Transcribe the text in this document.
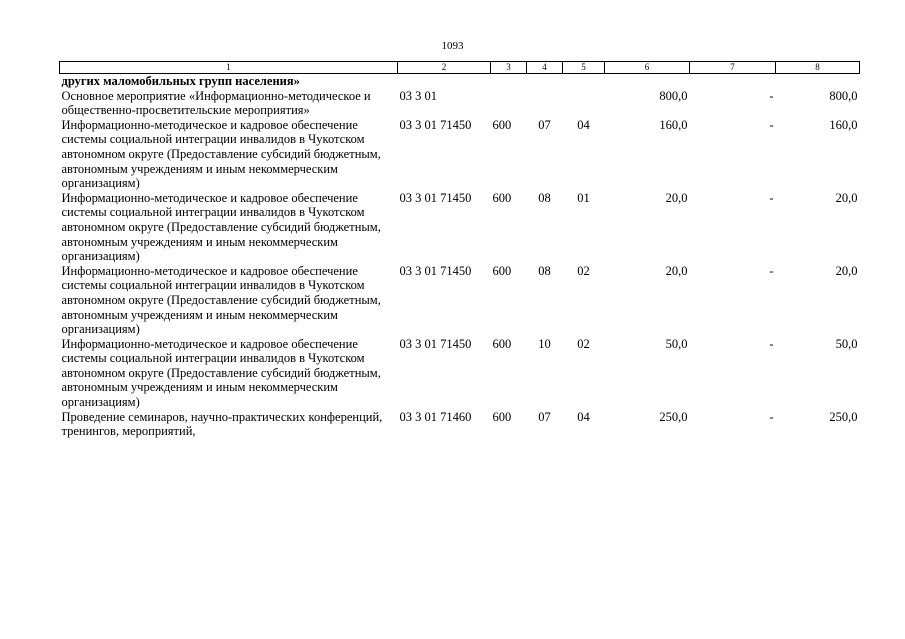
1093
1	2	3	4	5	6	7	8
других маломобильных групп населения»							
Основное мероприятие «Информационно-методическое и общественно-просветительские мероприятия»	03 3 01				800,0	-	800,0
Информационно-методическое и кадровое обеспечение системы социальной интеграции инвалидов в Чукотском автономном округе (Предоставление субсидий бюджетным, автономным учреждениям и иным некоммерческим организациям)	03 3 01 71450	600	07	04	160,0	-	160,0
Информационно-методическое и кадровое обеспечение системы социальной интеграции инвалидов в Чукотском автономном округе (Предоставление субсидий бюджетным, автономным учреждениям и иным некоммерческим организациям)	03 3 01 71450	600	08	01	20,0	-	20,0
Информационно-методическое и кадровое обеспечение системы социальной интеграции инвалидов в Чукотском автономном округе (Предоставление субсидий бюджетным, автономным учреждениям и иным некоммерческим организациям)	03 3 01 71450	600	08	02	20,0	-	20,0
Информационно-методическое и кадровое обеспечение системы социальной интеграции инвалидов в Чукотском автономном округе (Предоставление субсидий бюджетным, автономным учреждениям и иным некоммерческим организациям)	03 3 01 71450	600	10	02	50,0	-	50,0
Проведение семинаров, научно-практических конференций, тренингов, мероприятий,	03 3 01 71460	600	07	04	250,0	-	250,0
